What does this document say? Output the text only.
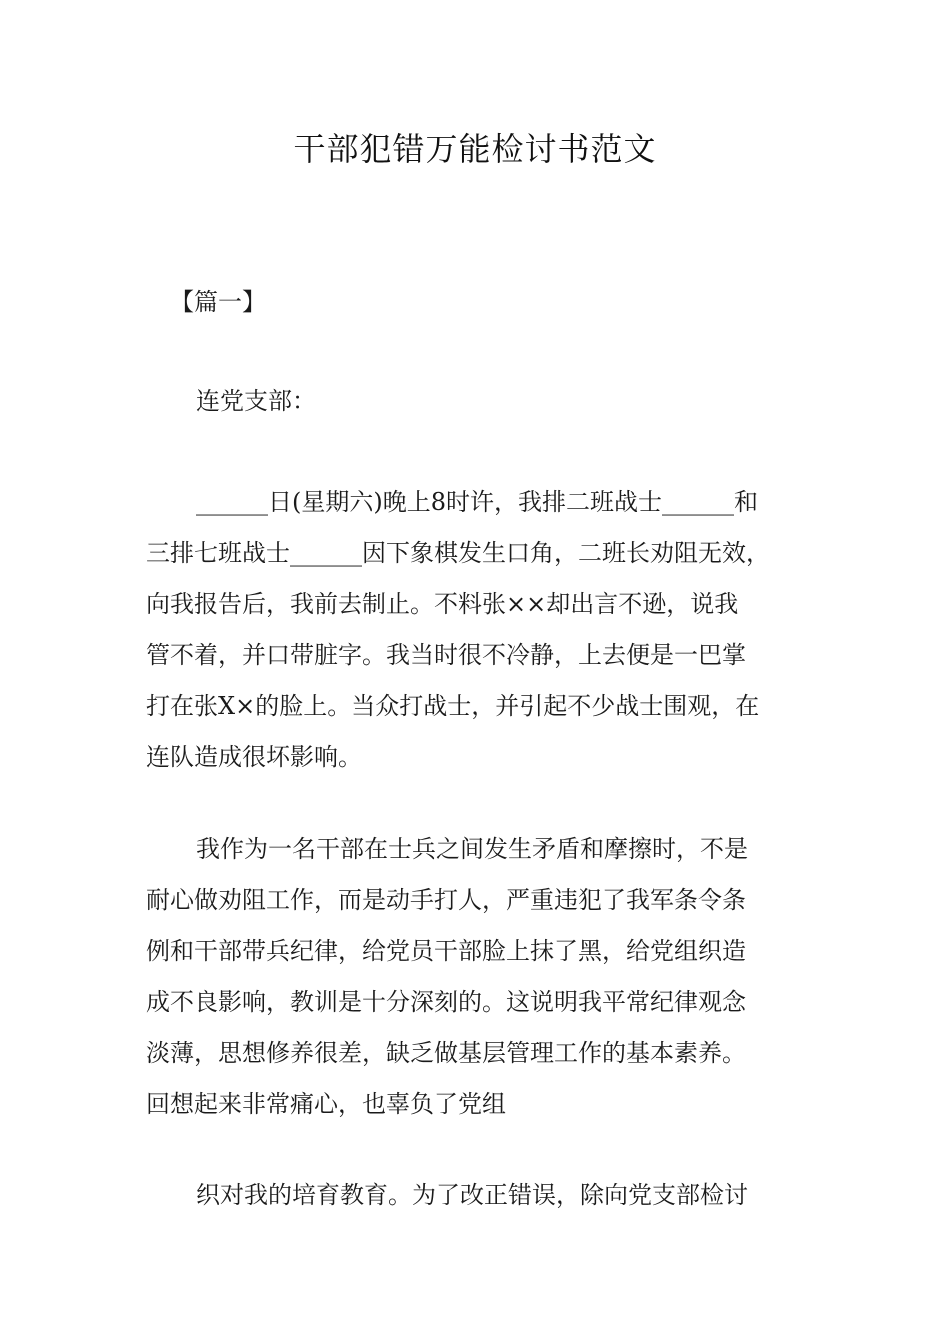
干部犯错万能检讨书范文
【篇一】
连党支部：
______日(星期六)晚上8时许，我排二班战士______和
三排七班战士______因下象棋发生口角，二班长劝阻无效，
向我报告后，我前去制止。不料张××却出言不逊，说我
管不着，并口带脏字。我当时很不冷静，上去便是一巴掌
打在张X×的脸上。当众打战士，并引起不少战士围观，在
连队造成很坏影响。
我作为一名干部在士兵之间发生矛盾和摩擦时，不是
耐心做劝阻工作，而是动手打人，严重违犯了我军条令条
例和干部带兵纪律，给党员干部脸上抹了黑，给党组织造
成不良影响，教训是十分深刻的。这说明我平常纪律观念
淡薄，思想修养很差，缺乏做基层管理工作的基本素养。
回想起来非常痛心，也辜负了党组
织对我的培育教育。为了改正错误，除向党支部检讨
